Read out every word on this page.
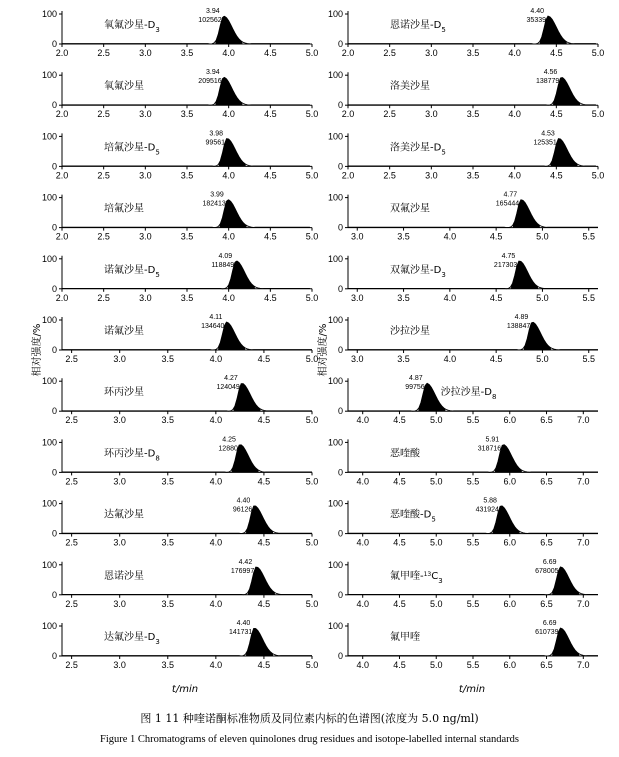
相对强度/%	相对强度/%
t/min	t/min
100
0
2.0	2.5	3.0	3.5	4.0	4.5	5.0
3.94
102562
氧氟沙星$-D_3$
100
0
2.0	2.5	3.0	3.5	4.0	4.5	5.0
3.94
209516
氧氟沙星
100
0
2.0	2.5	3.0	3.5	4.0	4.5	5.0
3.98
99561
培氟沙星$-D_5$
100
0
2.0	2.5	3.0	3.5	4.0	4.5	5.0
3.99
182413
培氟沙星
100
0
2.0	2.5	3.0	3.5	4.0	4.5	5.0
4.09
118849
诺氟沙星$-D_5$
100
0
2.5	3.0	3.5	4.0	4.5	5.0
4.11
134640
诺氟沙星
100
0
2.5	3.0	3.5	4.0	4.5	5.0
4.27
124049
环丙沙星
100
0
2.5	3.0	3.5	4.0	4.5	5.0
4.25
12880
环丙沙星$-D_8$
100
0
2.5	3.0	3.5	4.0	4.5	5.0
4.40
96126
达氟沙星
100
0
2.5	3.0	3.5	4.0	4.5	5.0
4.42
176997
恩诺沙星
100
0
2.5	3.0	3.5	4.0	4.5	5.0
4.40
141731
达氟沙星$-D_3$
100
0
2.0	2.5	3.0	3.5	4.0	4.5	5.0
4.40
35339
恩诺沙星$-D_5$
100
0
2.0	2.5	3.0	3.5	4.0	4.5	5.0
4.56
138779
洛美沙星
100
0
2.0	2.5	3.0	3.5	4.0	4.5	5.0
4.53
125351
洛美沙星$-D_5$
100
0
3.0	3.5	4.0	4.5	5.0	5.5
4.77
165444
双氟沙星
100
0
3.0	3.5	4.0	4.5	5.0	5.5
4.75
217303
双氟沙星$-D_3$
100
0
3.0	3.5	4.0	4.5	5.0	5.5
4.89
138847
沙拉沙星
100
0
4.0	4.5	5.0	5.5	6.0	6.5	7.0
4.87
99756 沙拉沙星$-D_8$
100
0
4.0	4.5	5.0	5.5	6.0	6.5	7.0
5.91
318716
恶喹酸
100
0
4.0	4.5	5.0	5.5	6.0	6.5	7.0
5.88
431924
恶喹酸$-D_5$
100
0
4.0	4.5	5.0	5.5	6.0	6.5	7.0
6.69
678005
氟甲喹$-^{13}C_3$
100
0
4.0	4.5	5.0	5.5	6.0	6.5	7.0
6.69
610739
氟甲喹
图 1 11 种喹诺酮标准物质及同位素内标的色谱图(浓度为 5.0 ng/ml)
Figure 1 Chromatograms of eleven quinolones drug residues and isotope-labelled internal standards
